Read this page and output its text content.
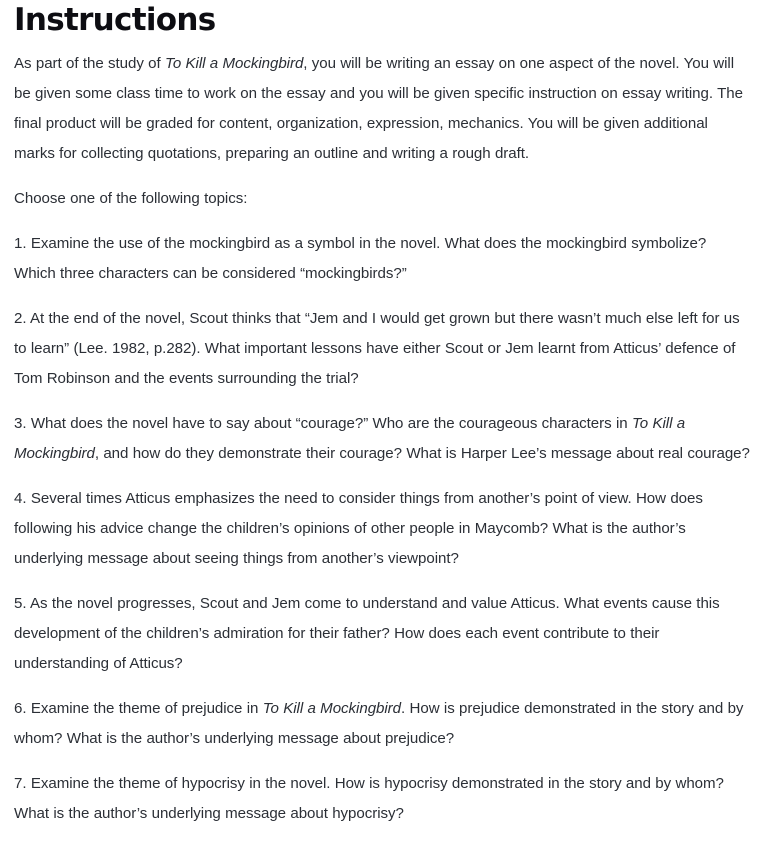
Instructions

As part of the study of To Kill a Mockingbird, you will be writing an essay on one aspect of the novel. You will be given some class time to work on the essay and you will be given specific instruction on essay writing. The final product will be graded for content, organization, expression, mechanics. You will be given additional marks for collecting quotations, preparing an outline and writing a rough draft.

Choose one of the following topics:

1. Examine the use of the mockingbird as a symbol in the novel. What does the mockingbird symbolize? Which three characters can be considered “mockingbirds?”

2. At the end of the novel, Scout thinks that “Jem and I would get grown but there wasn’t much else left for us to learn” (Lee. 1982, p.282). What important lessons have either Scout or Jem learnt from Atticus’ defence of Tom Robinson and the events surrounding the trial?

3. What does the novel have to say about “courage?” Who are the courageous characters in To Kill a Mockingbird, and how do they demonstrate their courage? What is Harper Lee’s message about real courage?

4. Several times Atticus emphasizes the need to consider things from another’s point of view. How does following his advice change the children’s opinions of other people in Maycomb? What is the author’s underlying message about seeing things from another’s viewpoint?

5. As the novel progresses, Scout and Jem come to understand and value Atticus. What events cause this development of the children’s admiration for their father? How does each event contribute to their understanding of Atticus?

6. Examine the theme of prejudice in To Kill a Mockingbird. How is prejudice demonstrated in the story and by whom? What is the author’s underlying message about prejudice?

7. Examine the theme of hypocrisy in the novel. How is hypocrisy demonstrated in the story and by whom? What is the author’s underlying message about hypocrisy?
